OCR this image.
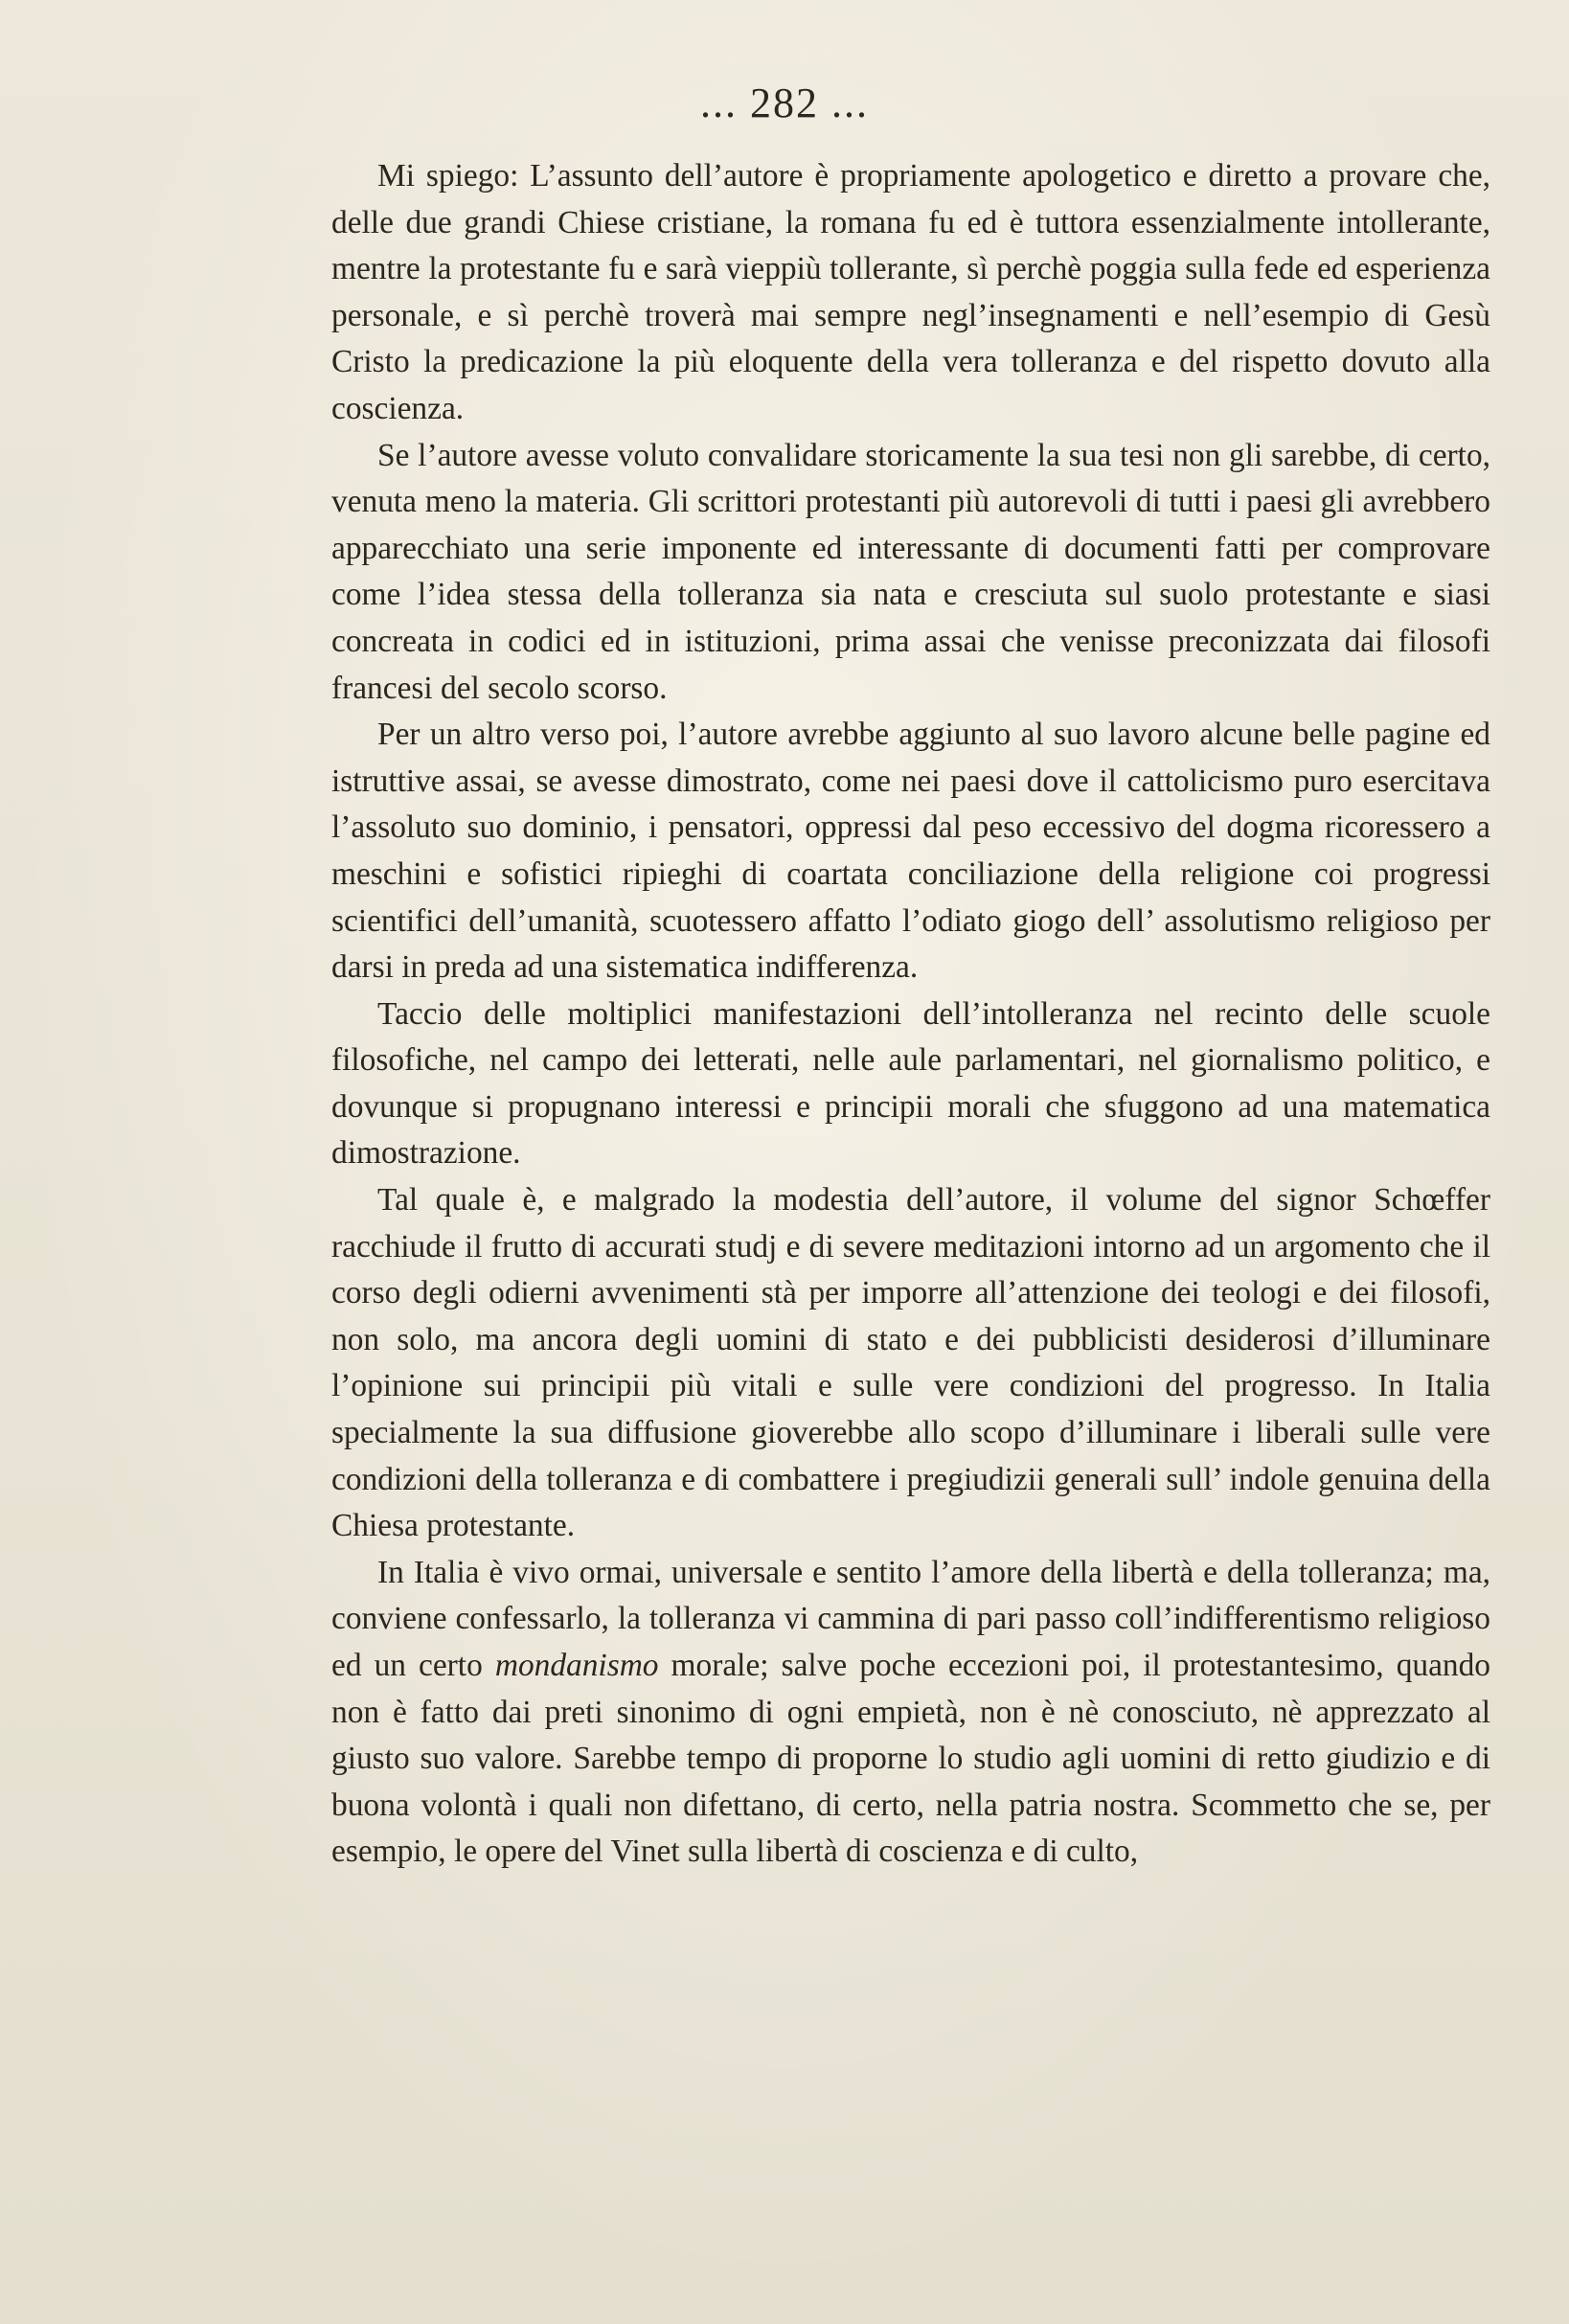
... 282 ...

Mi spiego: L’assunto dell’autore è propriamente apologetico e diretto a provare che, delle due grandi Chiese cristiane, la romana fu ed è tuttora essenzialmente intollerante, mentre la protestante fu e sarà vieppiù tollerante, sì perchè poggia sulla fede ed esperienza personale, e sì perchè troverà mai sempre negl’insegnamenti e nell’esempio di Gesù Cristo la predicazione la più eloquente della vera tolleranza e del rispetto dovuto alla coscienza.

Se l’autore avesse voluto convalidare storicamente la sua tesi non gli sarebbe, di certo, venuta meno la materia. Gli scrittori protestanti più autorevoli di tutti i paesi gli avrebbero apparecchiato una serie imponente ed interessante di documenti fatti per comprovare come l’idea stessa della tolleranza sia nata e cresciuta sul suolo protestante e siasi concreata in codici ed in istituzioni, prima assai che venisse preconizzata dai filosofi francesi del secolo scorso.

Per un altro verso poi, l’autore avrebbe aggiunto al suo lavoro alcune belle pagine ed istruttive assai, se avesse dimostrato, come nei paesi dove il cattolicismo puro esercitava l’assoluto suo dominio, i pensatori, oppressi dal peso eccessivo del dogma ricoressero a meschini e sofistici ripieghi di coartata conciliazione della religione coi progressi scientifici dell’umanità, scuotessero affatto l’odiato giogo dell’ assolutismo religioso per darsi in preda ad una sistematica indifferenza.

Taccio delle moltiplici manifestazioni dell’intolleranza nel recinto delle scuole filosofiche, nel campo dei letterati, nelle aule parlamentari, nel giornalismo politico, e dovunque si propugnano interessi e principii morali che sfuggono ad una matematica dimostrazione.

Tal quale è, e malgrado la modestia dell’autore, il volume del signor Schœffer racchiude il frutto di accurati studj e di severe meditazioni intorno ad un argomento che il corso degli odierni avvenimenti stà per imporre all’attenzione dei teologi e dei filosofi, non solo, ma ancora degli uomini di stato e dei pubblicisti desiderosi d’illuminare l’opinione sui principii più vitali e sulle vere condizioni del progresso. In Italia specialmente la sua diffusione gioverebbe allo scopo d’illuminare i liberali sulle vere condizioni della tolleranza e di combattere i pregiudizii generali sull’ indole genuina della Chiesa protestante.

In Italia è vivo ormai, universale e sentito l’amore della libertà e della tolleranza; ma, conviene confessarlo, la tolleranza vi cammina di pari passo coll’indifferentismo religioso ed un certo mondanismo morale; salve poche eccezioni poi, il protestantesimo, quando non è fatto dai preti sinonimo di ogni empietà, non è nè conosciuto, nè apprezzato al giusto suo valore. Sarebbe tempo di proporne lo studio agli uomini di retto giudizio e di buona volontà i quali non difettano, di certo, nella patria nostra. Scommetto che se, per esempio, le opere del Vinet sulla libertà di coscienza e di culto,
